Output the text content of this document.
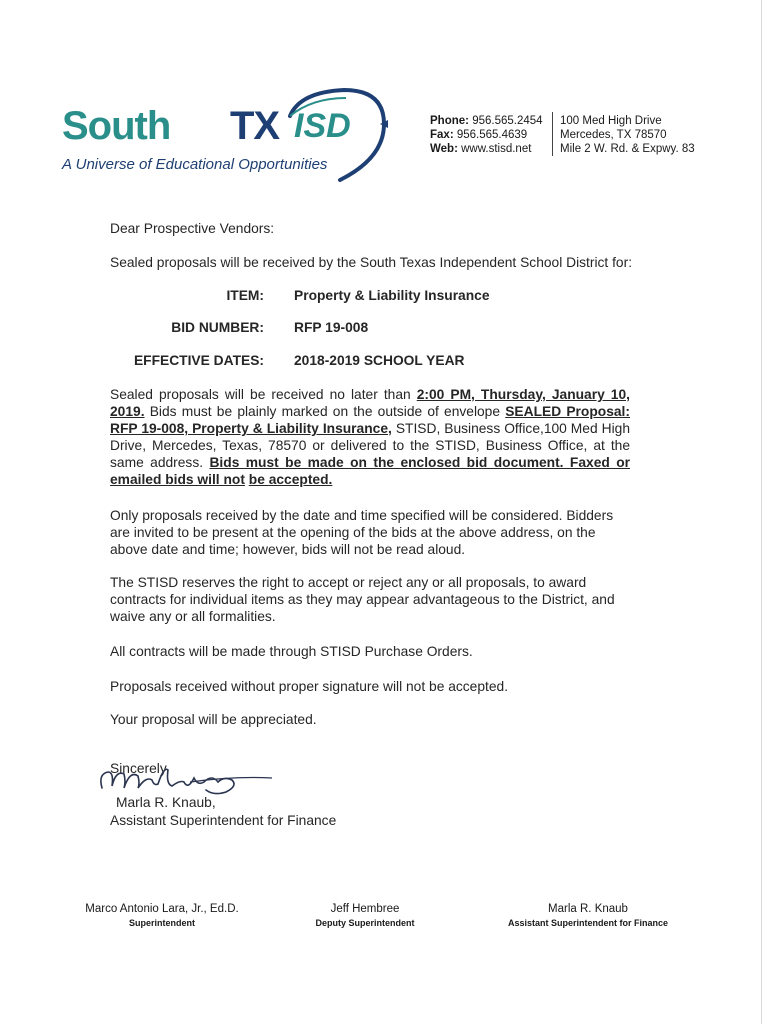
South TX ISD
A Universe of Educational Opportunities
Phone: 956.565.2454
Fax: 956.565.4639
Web: www.stisd.net
100 Med High Drive
Mercedes, TX 78570
Mile 2 W. Rd. & Expwy. 83
Dear Prospective Vendors:
Sealed proposals will be received by the South Texas Independent School District for:
ITEM: Property & Liability Insurance
BID NUMBER: RFP 19-008
EFFECTIVE DATES: 2018-2019 SCHOOL YEAR
Sealed proposals will be received no later than 2:00 PM, Thursday, January 10, 2019. Bids must be plainly marked on the outside of envelope SEALED Proposal: RFP 19-008, Property & Liability Insurance, STISD, Business Office,100 Med High Drive, Mercedes, Texas, 78570 or delivered to the STISD, Business Office, at the same address. Bids must be made on the enclosed bid document. Faxed or emailed bids will not be accepted.
Only proposals received by the date and time specified will be considered. Bidders are invited to be present at the opening of the bids at the above address, on the above date and time; however, bids will not be read aloud.
The STISD reserves the right to accept or reject any or all proposals, to award contracts for individual items as they may appear advantageous to the District, and waive any or all formalities.
All contracts will be made through STISD Purchase Orders.
Proposals received without proper signature will not be accepted.
Your proposal will be appreciated.
Sincerely,
Marla R. Knaub,
Assistant Superintendent for Finance
Marco Antonio Lara, Jr., Ed.D.
Superintendent
Jeff Hembree
Deputy Superintendent
Marla R. Knaub
Assistant Superintendent for Finance
